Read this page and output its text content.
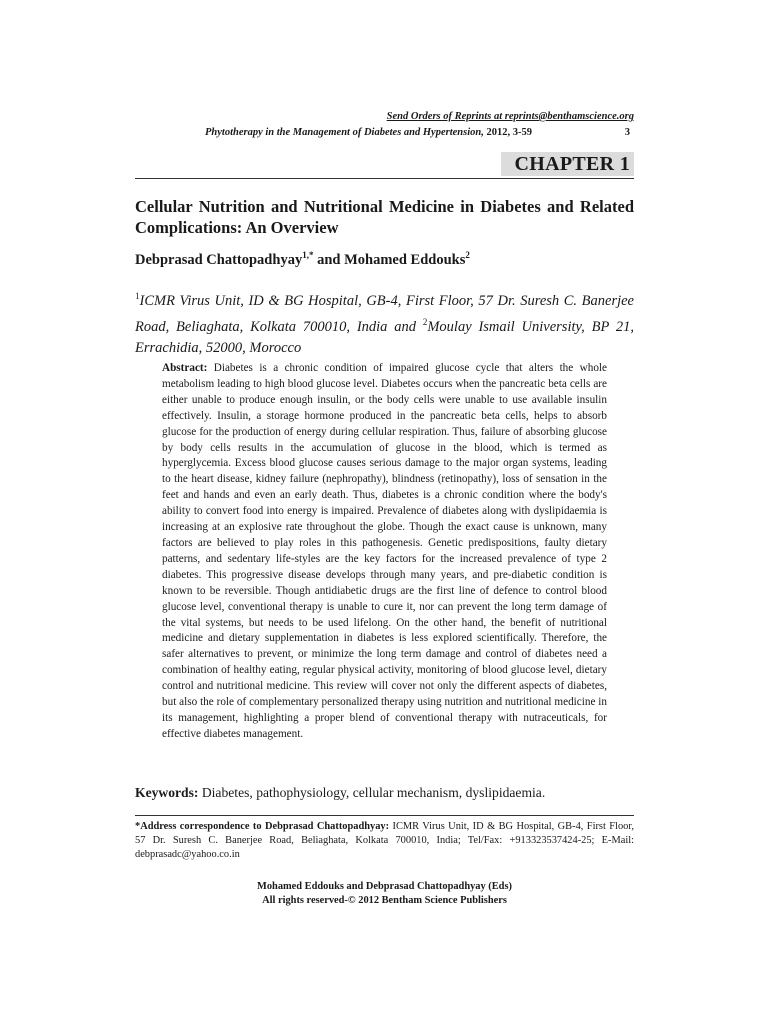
Send Orders of Reprints at reprints@benthamscience.org
Phytotherapy in the Management of Diabetes and Hypertension, 2012, 3-59	3
CHAPTER 1
Cellular Nutrition and Nutritional Medicine in Diabetes and Related Complications: An Overview
Debprasad Chattopadhyay$^{1,*}$ and Mohamed Eddouks$^2$
$^1$ICMR Virus Unit, ID & BG Hospital, GB-4, First Floor, 57 Dr. Suresh C. Banerjee Road, Beliaghata, Kolkata 700010, India and $^2$Moulay Ismail University, BP 21, Errachidia, 52000, Morocco
Abstract: Diabetes is a chronic condition of impaired glucose cycle that alters the whole metabolism leading to high blood glucose level. Diabetes occurs when the pancreatic beta cells are either unable to produce enough insulin, or the body cells were unable to use available insulin effectively. Insulin, a storage hormone produced in the pancreatic beta cells, helps to absorb glucose for the production of energy during cellular respiration. Thus, failure of absorbing glucose by body cells results in the accumulation of glucose in the blood, which is termed as hyperglycemia. Excess blood glucose causes serious damage to the major organ systems, leading to the heart disease, kidney failure (nephropathy), blindness (retinopathy), loss of sensation in the feet and hands and even an early death. Thus, diabetes is a chronic condition where the body's ability to convert food into energy is impaired. Prevalence of diabetes along with dyslipidaemia is increasing at an explosive rate throughout the globe. Though the exact cause is unknown, many factors are believed to play roles in this pathogenesis. Genetic predispositions, faulty dietary patterns, and sedentary life-styles are the key factors for the increased prevalence of type 2 diabetes. This progressive disease develops through many years, and pre-diabetic condition is known to be reversible. Though antidiabetic drugs are the first line of defence to control blood glucose level, conventional therapy is unable to cure it, nor can prevent the long term damage of the vital systems, but needs to be used lifelong. On the other hand, the benefit of nutritional medicine and dietary supplementation in diabetes is less explored scientifically. Therefore, the safer alternatives to prevent, or minimize the long term damage and control of diabetes need a combination of healthy eating, regular physical activity, monitoring of blood glucose level, dietary control and nutritional medicine. This review will cover not only the different aspects of diabetes, but also the role of complementary personalized therapy using nutrition and nutritional medicine in its management, highlighting a proper blend of conventional therapy with nutraceuticals, for effective diabetes management.
Keywords: Diabetes, pathophysiology, cellular mechanism, dyslipidaemia.
*Address correspondence to Debprasad Chattopadhyay: ICMR Virus Unit, ID & BG Hospital, GB-4, First Floor, 57 Dr. Suresh C. Banerjee Road, Beliaghata, Kolkata 700010, India; Tel/Fax: +913323537424-25; E-Mail: debprasadc@yahoo.co.in
Mohamed Eddouks and Debprasad Chattopadhyay (Eds)
All rights reserved-© 2012 Bentham Science Publishers
